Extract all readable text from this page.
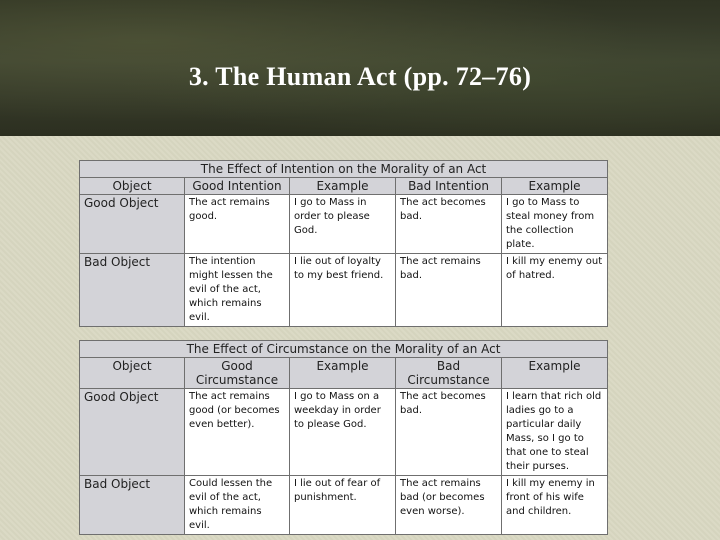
3. The Human Act (pp. 72–76)
The Effect of Intention on the Morality of an Act				
Object	Good Intention	Example	Bad Intention	Example
Good Object	The act remains good.	I go to Mass in order to please God.	The act becomes bad.	I go to Mass to steal money from the collection plate.
Bad Object	The intention might lessen the evil of the act, which remains evil.	I lie out of loyalty to my best friend.	The act remains bad.	I kill my enemy out of hatred.
The Effect of Circumstance on the Morality of an Act				
Object	Good Circumstance	Example	Bad Circumstance	Example
Good Object	The act remains good (or becomes even better).	I go to Mass on a weekday in order to please God.	The act becomes bad.	I learn that rich old ladies go to a particular daily Mass, so I go to that one to steal their purses.
Bad Object	Could lessen the evil of the act, which remains evil.	I lie out of fear of punishment.	The act remains bad (or becomes even worse).	I kill my enemy in front of his wife and children.
